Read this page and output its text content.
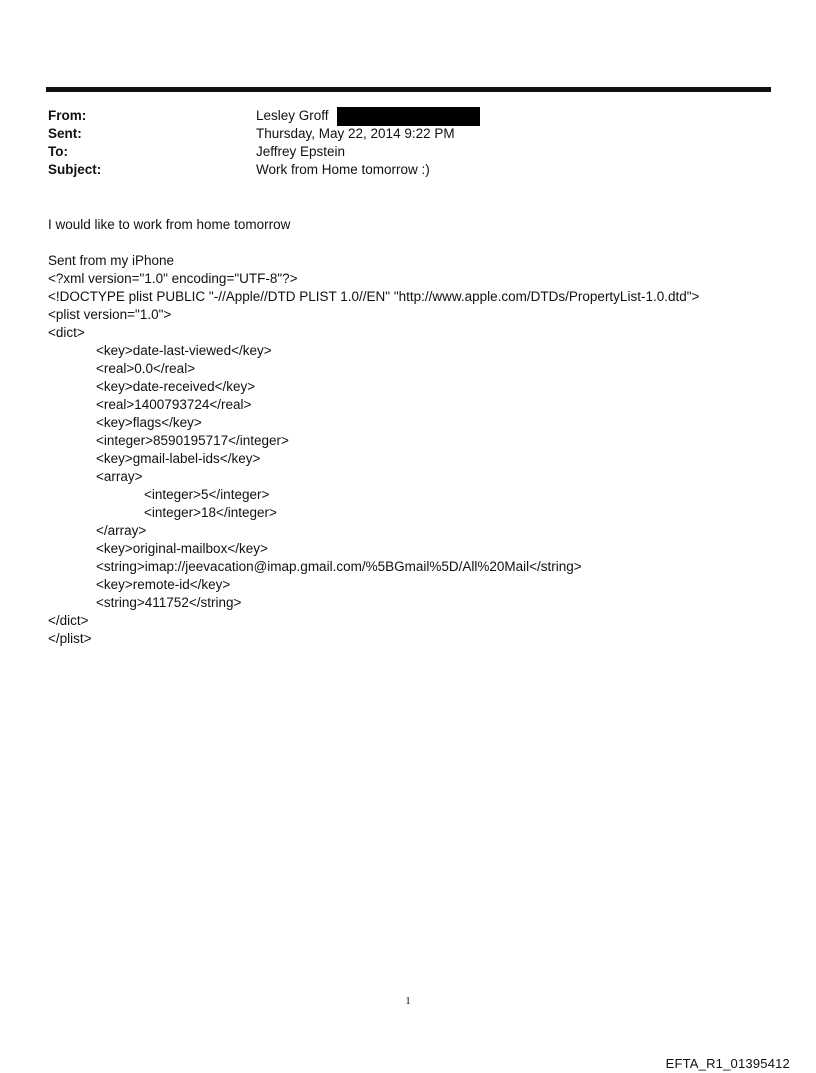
From:	Lesley Groff
Sent:	Thursday, May 22, 2014 9:22 PM
To:	Jeffrey Epstein
Subject:	Work from Home tomorrow :)
I would like to work from home tomorrow
Sent from my iPhone
<?xml version="1.0" encoding="UTF-8"?>
<!DOCTYPE plist PUBLIC "-//Apple//DTD PLIST 1.0//EN" "http://www.apple.com/DTDs/PropertyList-1.0.dtd">
<plist version="1.0">
<dict>
<key>date-last-viewed</key>
<real>0.0</real>
<key>date-received</key>
<real>1400793724</real>
<key>flags</key>
<integer>8590195717</integer>
<key>gmail-label-ids</key>
<array>
<integer>5</integer>
<integer>18</integer>
</array>
<key>original-mailbox</key>
<string>imap://jeevacation@imap.gmail.com/%5BGmail%5D/All%20Mail</string>
<key>remote-id</key>
<string>411752</string>
</dict>
</plist>
1
EFTA_R1_01395412
